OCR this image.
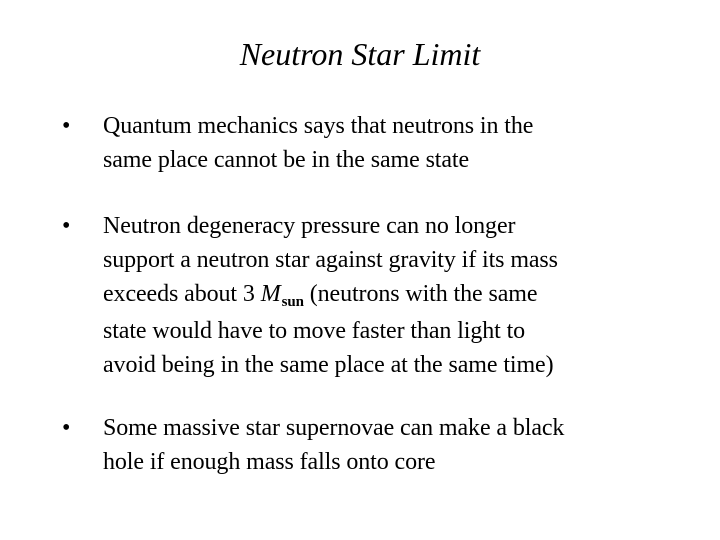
Neutron Star Limit
• Quantum mechanics says that neutrons in the
same place cannot be in the same state
• Neutron degeneracy pressure can no longer
support a neutron star against gravity if its mass
exceeds about 3 $M_{sun}$ (neutrons with the same
state would have to move faster than light to
avoid being in the same place at the same time)
• Some massive star supernovae can make a black
hole if enough mass falls onto core
